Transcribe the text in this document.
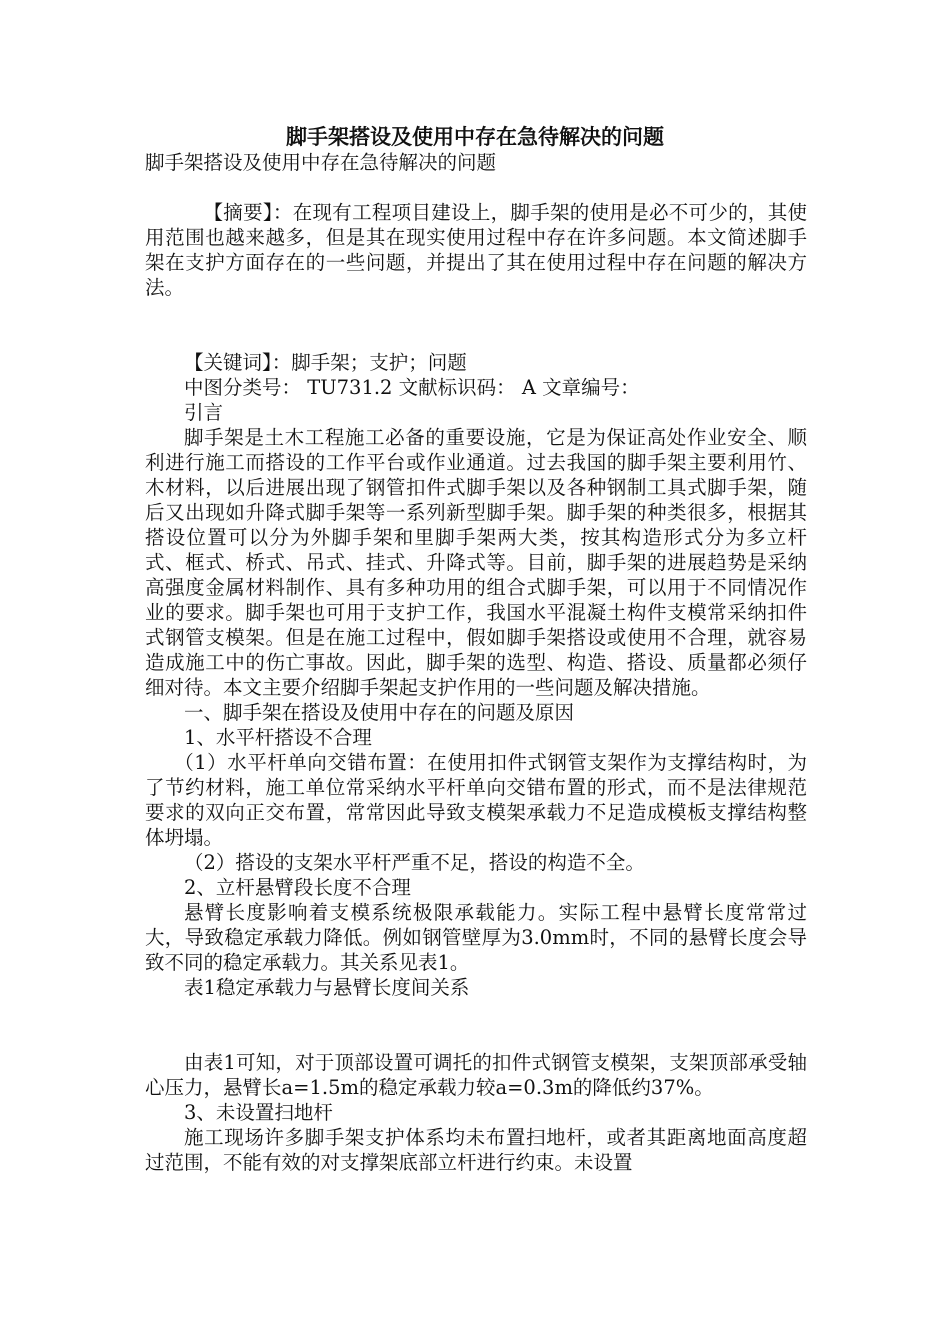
脚手架搭设及使用中存在急待解决的问题

脚手架搭设及使用中存在急待解决的问题

【摘要】：在现有工程项目建设上，脚手架的使用是必不可少的，其使用范围也越来越多，但是其在现实使用过程中存在许多问题。本文简述脚手架在支护方面存在的一些问题，并提出了其在使用过程中存在问题的解决方法。

【关键词】：脚手架；支护；问题

中图分类号： TU731.2 文献标识码： A 文章编号：

引言

脚手架是土木工程施工必备的重要设施，它是为保证高处作业安全、顺利进行施工而搭设的工作平台或作业通道。过去我国的脚手架主要利用竹、木材料，以后进展出现了钢管扣件式脚手架以及各种钢制工具式脚手架，随后又出现如升降式脚手架等一系列新型脚手架。脚手架的种类很多，根据其搭设位置可以分为外脚手架和里脚手架两大类，按其构造形式分为多立杆式、框式、桥式、吊式、挂式、升降式等。目前，脚手架的进展趋势是采纳高强度金属材料制作、具有多种功用的组合式脚手架，可以用于不同情况作业的要求。脚手架也可用于支护工作，我国水平混凝土构件支模常采纳扣件式钢管支模架。但是在施工过程中，假如脚手架搭设或使用不合理，就容易造成施工中的伤亡事故。因此，脚手架的选型、构造、搭设、质量都必须仔细对待。本文主要介绍脚手架起支护作用的一些问题及解决措施。

一、脚手架在搭设及使用中存在的问题及原因

1、水平杆搭设不合理

（1）水平杆单向交错布置：在使用扣件式钢管支架作为支撑结构时，为了节约材料，施工单位常采纳水平杆单向交错布置的形式，而不是法律规范要求的双向正交布置，常常因此导致支模架承载力不足造成模板支撑结构整体坍塌。

（2）搭设的支架水平杆严重不足，搭设的构造不全。

2、立杆悬臂段长度不合理

悬臂长度影响着支模系统极限承载能力。实际工程中悬臂长度常常过大，导致稳定承载力降低。例如钢管壁厚为3.0mm时，不同的悬臂长度会导致不同的稳定承载力。其关系见表1。

表1稳定承载力与悬臂长度间关系

由表1可知，对于顶部设置可调托的扣件式钢管支模架，支架顶部承受轴心压力，悬臂长a=1.5m的稳定承载力较a=0.3m的降低约37%。

3、未设置扫地杆

施工现场许多脚手架支护体系均未布置扫地杆，或者其距离地面高度超过范围，不能有效的对支撑架底部立杆进行约束。未设置
